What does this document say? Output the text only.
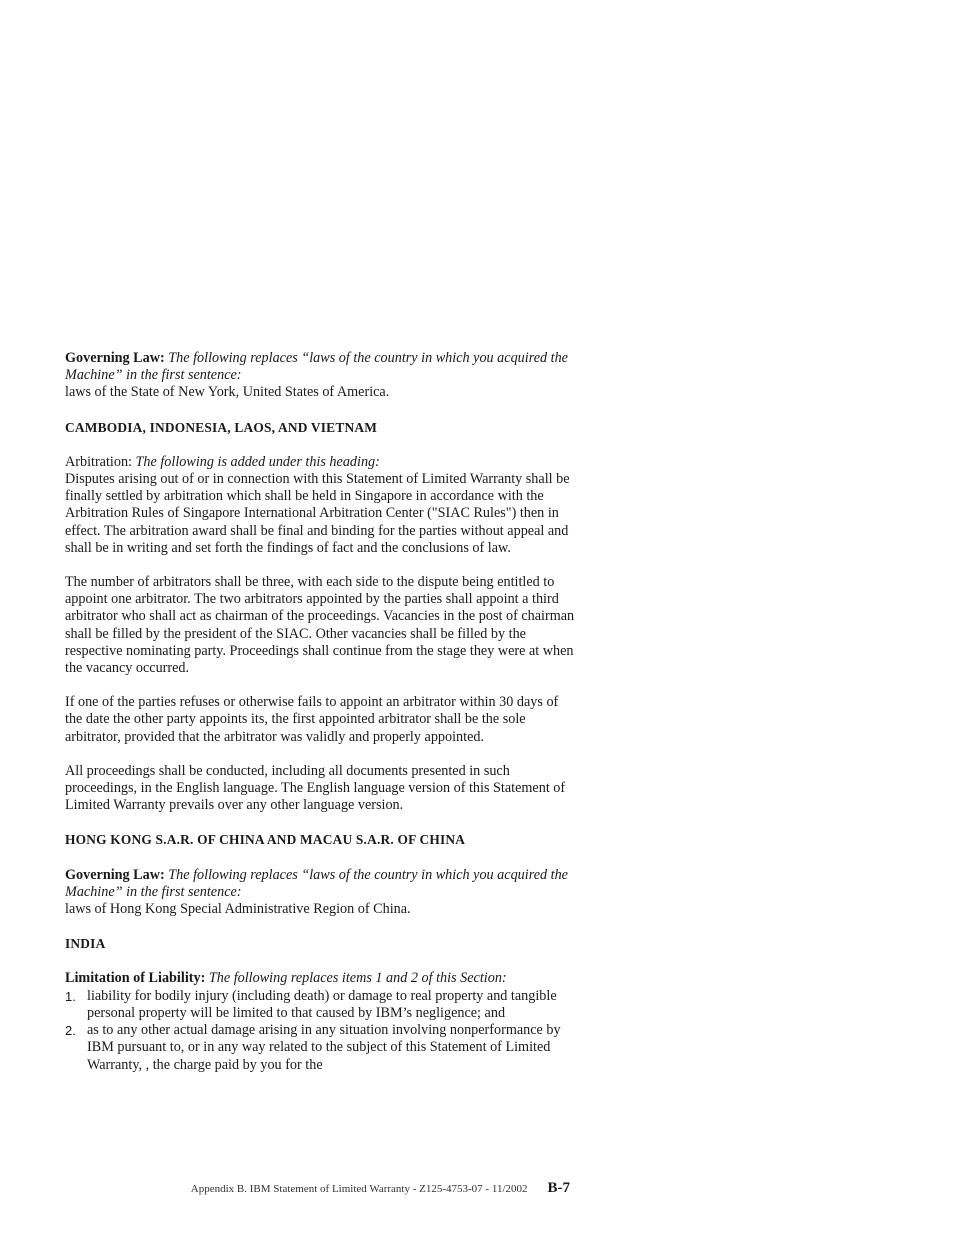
Governing Law: The following replaces “laws of the country in which you acquired the Machine” in the first sentence:
laws of the State of New York, United States of America.
CAMBODIA, INDONESIA, LAOS, AND VIETNAM
Arbitration: The following is added under this heading:
Disputes arising out of or in connection with this Statement of Limited Warranty shall be finally settled by arbitration which shall be held in Singapore in accordance with the Arbitration Rules of Singapore International Arbitration Center ("SIAC Rules") then in effect. The arbitration award shall be final and binding for the parties without appeal and shall be in writing and set forth the findings of fact and the conclusions of law.
The number of arbitrators shall be three, with each side to the dispute being entitled to appoint one arbitrator. The two arbitrators appointed by the parties shall appoint a third arbitrator who shall act as chairman of the proceedings. Vacancies in the post of chairman shall be filled by the president of the SIAC. Other vacancies shall be filled by the respective nominating party. Proceedings shall continue from the stage they were at when the vacancy occurred.
If one of the parties refuses or otherwise fails to appoint an arbitrator within 30 days of the date the other party appoints its, the first appointed arbitrator shall be the sole arbitrator, provided that the arbitrator was validly and properly appointed.
All proceedings shall be conducted, including all documents presented in such proceedings, in the English language. The English language version of this Statement of Limited Warranty prevails over any other language version.
HONG KONG S.A.R. OF CHINA AND MACAU S.A.R. OF CHINA
Governing Law: The following replaces “laws of the country in which you acquired the Machine” in the first sentence:
laws of Hong Kong Special Administrative Region of China.
INDIA
Limitation of Liability: The following replaces items 1 and 2 of this Section:
1. liability for bodily injury (including death) or damage to real property and tangible personal property will be limited to that caused by IBM’s negligence; and
2. as to any other actual damage arising in any situation involving nonperformance by IBM pursuant to, or in any way related to the subject of this Statement of Limited Warranty, , the charge paid by you for the
Appendix B. IBM Statement of Limited Warranty - Z125-4753-07 - 11/2002 B-7
